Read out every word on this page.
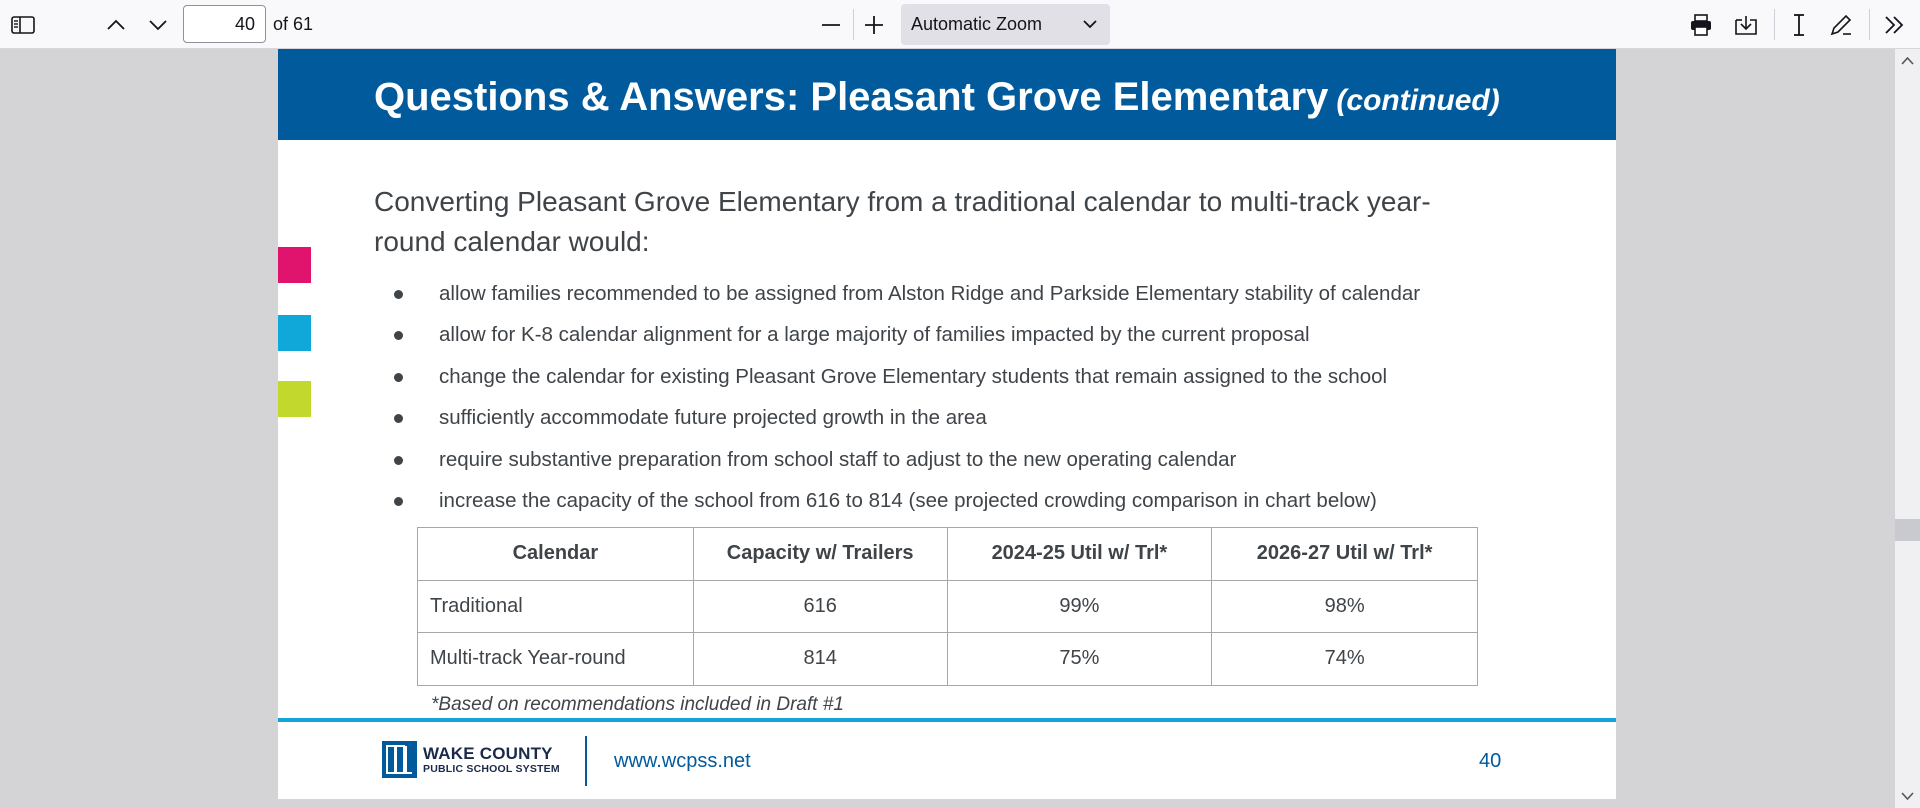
40
of 61	Automatic Zoom
Questions & Answers: Pleasant Grove Elementary (continued)
Converting Pleasant Grove Elementary from a traditional calendar to multi-track year-round calendar would:
allow families recommended to be assigned from Alston Ridge and Parkside Elementary stability of calendar
allow for K-8 calendar alignment for a large majority of families impacted by the current proposal
change the calendar for existing Pleasant Grove Elementary students that remain assigned to the school
sufficiently accommodate future projected growth in the area
require substantive preparation from school staff to adjust to the new operating calendar
increase the capacity of the school from 616 to 814 (see projected crowding comparison in chart below)
Calendar	Capacity w/ Trailers	2024-25 Util w/ Trl*	2026-27 Util w/ Trl*
Traditional	616	99%	98%
Multi-track Year-round	814	75%	74%
*Based on recommendations included in Draft #1
WAKE COUNTY
PUBLIC SCHOOL SYSTEM	www.wcpss.net	40
